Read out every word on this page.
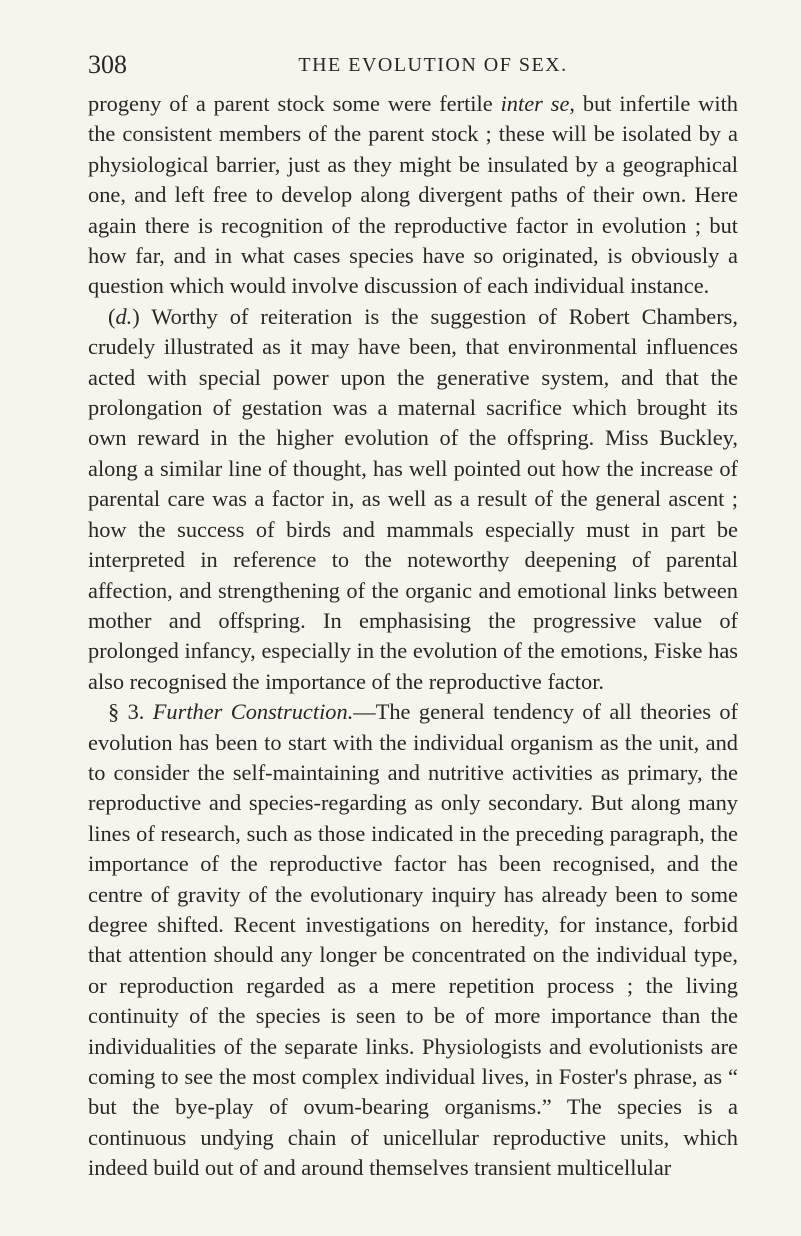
308	THE EVOLUTION OF SEX.

progeny of a parent stock some were fertile inter se, but infertile with the consistent members of the parent stock ; these will be isolated by a physiological barrier, just as they might be insulated by a geographical one, and left free to develop along divergent paths of their own. Here again there is recognition of the reproductive factor in evolution ; but how far, and in what cases species have so originated, is obviously a question which would involve discussion of each individual instance.

(d.) Worthy of reiteration is the suggestion of Robert Chambers, crudely illustrated as it may have been, that environmental influences acted with special power upon the generative system, and that the prolongation of gestation was a maternal sacrifice which brought its own reward in the higher evolution of the offspring. Miss Buckley, along a similar line of thought, has well pointed out how the increase of parental care was a factor in, as well as a result of the general ascent ; how the success of birds and mammals especially must in part be interpreted in reference to the noteworthy deepening of parental affection, and strengthening of the organic and emotional links between mother and offspring. In emphasising the progressive value of prolonged infancy, especially in the evolution of the emotions, Fiske has also recognised the importance of the reproductive factor.

§ 3. Further Construction.—The general tendency of all theories of evolution has been to start with the individual organism as the unit, and to consider the self-maintaining and nutritive activities as primary, the reproductive and species-regarding as only secondary. But along many lines of research, such as those indicated in the preceding paragraph, the importance of the reproductive factor has been recognised, and the centre of gravity of the evolutionary inquiry has already been to some degree shifted. Recent investigations on heredity, for instance, forbid that attention should any longer be concentrated on the individual type, or reproduction regarded as a mere repetition process ; the living continuity of the species is seen to be of more importance than the individualities of the separate links. Physiologists and evolutionists are coming to see the most complex individual lives, in Foster's phrase, as “ but the bye-play of ovum-bearing organisms.” The species is a continuous undying chain of unicellular reproductive units, which indeed build out of and around themselves transient multicellular
